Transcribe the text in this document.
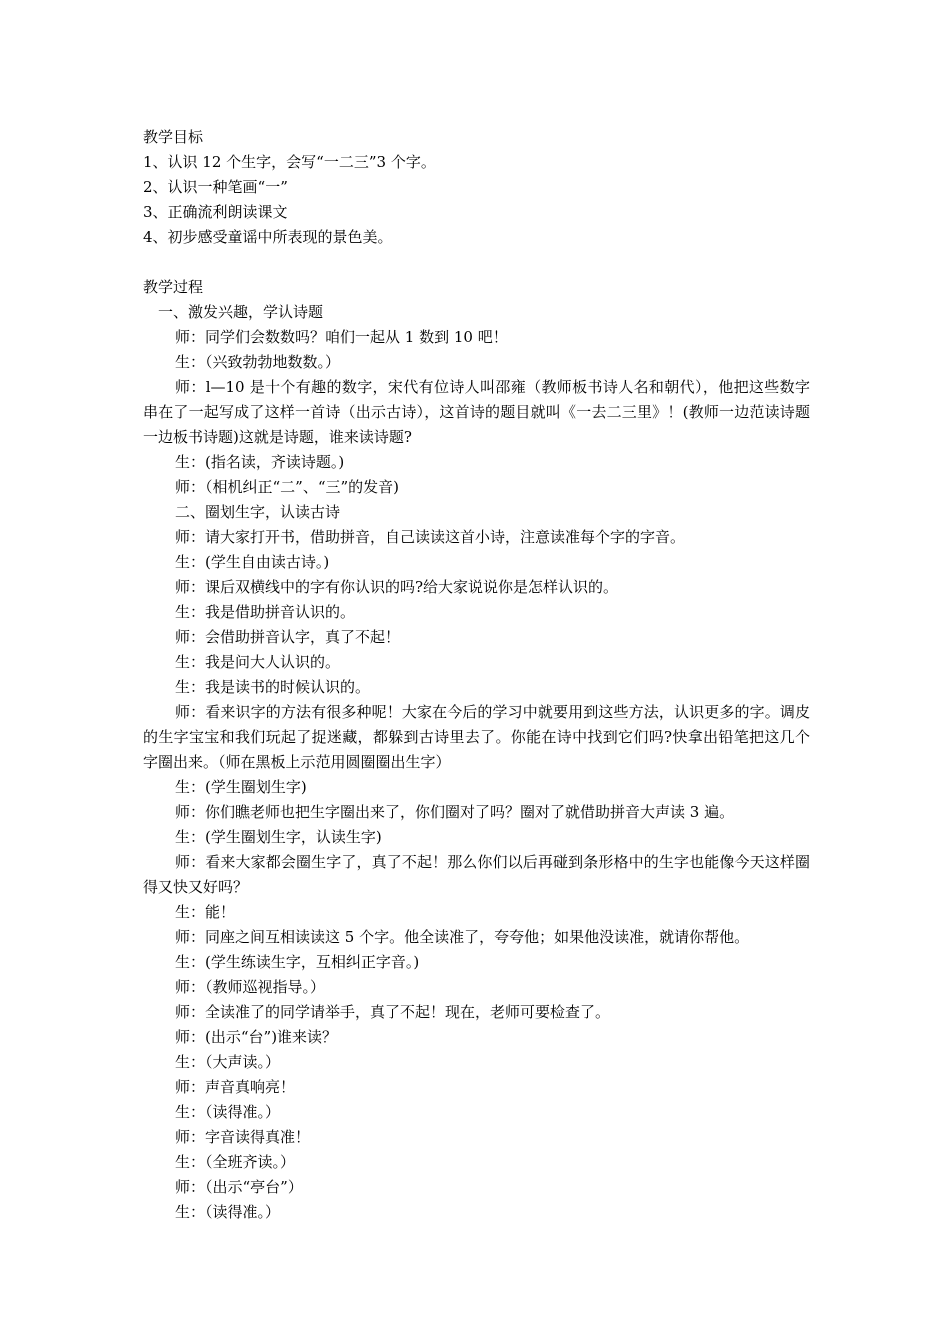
教学目标
1、认识 12 个生字，会写“一二三”3 个字。
2、认识一种笔画“一”
3、正确流利朗读课文
4、初步感受童谣中所表现的景色美。
教学过程
一、激发兴趣，学认诗题
师：同学们会数数吗？咱们一起从 1 数到 10 吧！
生：（兴致勃勃地数数。）

师：l—10 是十个有趣的数字，宋代有位诗人叫邵雍（教师板书诗人名和朝代），他把这些数字串在了一起写成了这样一首诗（出示古诗），这首诗的题目就叫《一去二三里》！(教师一边范读诗题一边板书诗题)这就是诗题，谁来读诗题?

生：(指名读，齐读诗题。)
师：（相机纠正“二”、“三”的发音)
二、圈划生字，认读古诗
师：请大家打开书，借助拼音，自己读读这首小诗，注意读准每个字的字音。
生：(学生自由读古诗。)
师：课后双横线中的字有你认识的吗?给大家说说你是怎样认识的。
生：我是借助拼音认识的。
师：会借助拼音认字，真了不起！
生：我是问大人认识的。
生：我是读书的时候认识的。

师：看来识字的方法有很多种呢！大家在今后的学习中就要用到这些方法，认识更多的字。调皮的生字宝宝和我们玩起了捉迷藏，都躲到古诗里去了。你能在诗中找到它们吗?快拿出铅笔把这几个字圈出来。（师在黑板上示范用圆圈圈出生字）

生：(学生圈划生字)
师：你们瞧老师也把生字圈出来了，你们圈对了吗？圈对了就借助拼音大声读 3 遍。
生：(学生圈划生字，认读生字)

师：看来大家都会圈生字了，真了不起！那么你们以后再碰到条形格中的生字也能像今天这样圈得又快又好吗？

生：能！
师：同座之间互相读读这 5 个字。他全读准了，夸夸他；如果他没读准，就请你帮他。
生：(学生练读生字，互相纠正字音。)
师：（教师巡视指导。）
师：全读准了的同学请举手，真了不起！现在，老师可要检查了。
师：(出示“台”)谁来读？
生：（大声读。）
师：声音真响亮！
生：（读得准。）
师：字音读得真准！
生：（全班齐读。）
师：（出示“亭台”）
生：（读得准。）
